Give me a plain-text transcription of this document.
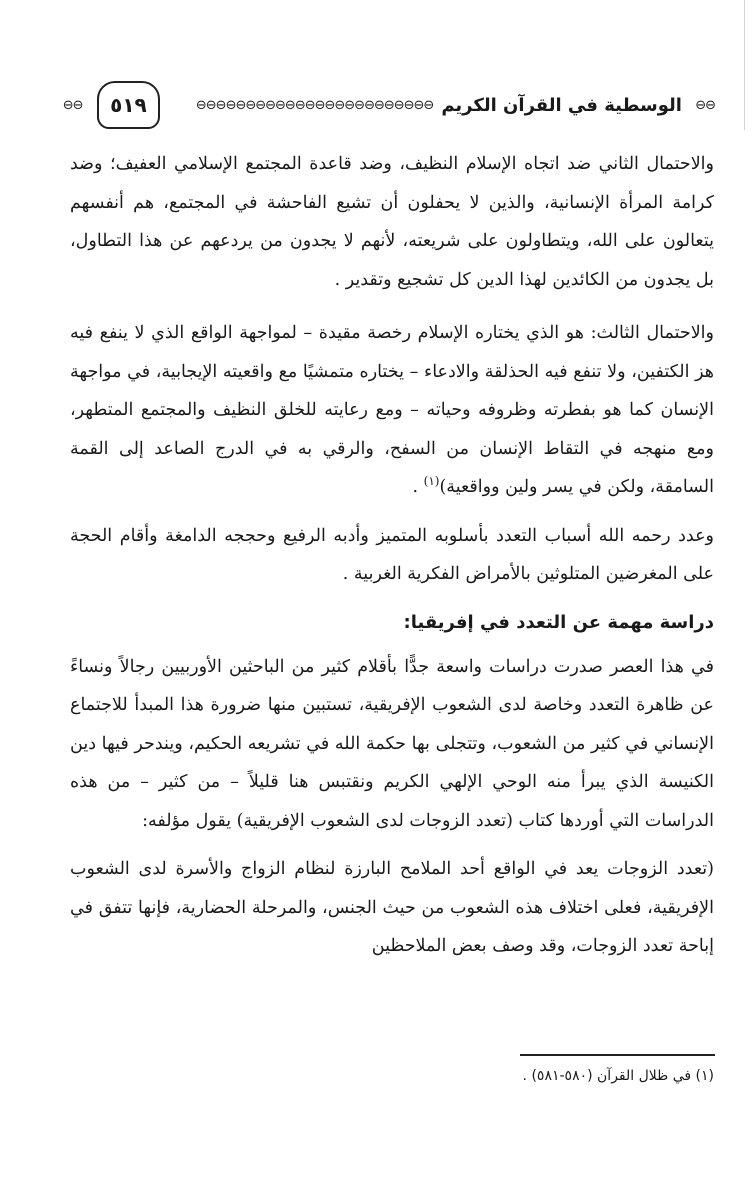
⊖⊖
الوسطية في القرآن الكريم
⊖⊖⊖⊖⊖⊖⊖⊖⊖⊖⊖⊖⊖⊖⊖⊖⊖⊖⊖⊖⊖⊖⊖⊖
٥١٩
⊖⊖

والاحتمال الثاني ضد اتجاه الإسلام النظيف، وضد قاعدة المجتمع الإسلامي العفيف؛ وضد كرامة المرأة الإنسانية، والذين لا يحفلون أن تشيع الفاحشة في المجتمع، هم أنفسهم يتعالون على الله، ويتطاولون على شريعته، لأنهم لا يجدون من يردعهم عن هذا التطاول، بل يجدون من الكائدين لهذا الدين كل تشجيع وتقدير .

والاحتمال الثالث: هو الذي يختاره الإسلام رخصة مقيدة – لمواجهة الواقع الذي لا ينفع فيه هز الكتفين، ولا تنفع فيه الحذلقة والادعاء – يختاره متمشيًا مع واقعيته الإيجابية، في مواجهة الإنسان كما هو بفطرته وظروفه وحياته – ومع رعايته للخلق النظيف والمجتمع المتطهر، ومع منهجه في التقاط الإنسان من السفح، والرقي به في الدرج الصاعد إلى القمة السامقة، ولكن في يسر ولين وواقعية)$^{(١)}$ .

وعدد رحمه الله أسباب التعدد بأسلوبه المتميز وأدبه الرفيع وحججه الدامغة وأقام الحجة على المغرضين المتلوثين بالأمراض الفكرية الغربية .

دراسة مهمة عن التعدد في إفريقيا:

في هذا العصر صدرت دراسات واسعة جدًّا بأقلام كثير من الباحثين الأوربيين رجالاً ونساءً عن ظاهرة التعدد وخاصة لدى الشعوب الإفريقية، تستبين منها ضرورة هذا المبدأ للاجتماع الإنساني في كثير من الشعوب، وتتجلى بها حكمة الله في تشريعه الحكيم، ويندحر فيها دين الكنيسة الذي يبرأ منه الوحي الإلهي الكريم ونقتبس هنا قليلاً – من كثير – من هذه الدراسات التي أوردها كتاب (تعدد الزوجات لدى الشعوب الإفريقية) يقول مؤلفه:

(تعدد الزوجات يعد في الواقع أحد الملامح البارزة لنظام الزواج والأسرة لدى الشعوب الإفريقية، فعلى اختلاف هذه الشعوب من حيث الجنس، والمرحلة الحضارية، فإنها تتفق في إباحة تعدد الزوجات، وقد وصف بعض الملاحظين

(١) في ظلال القرآن (٥٨٠-٥٨١) .
